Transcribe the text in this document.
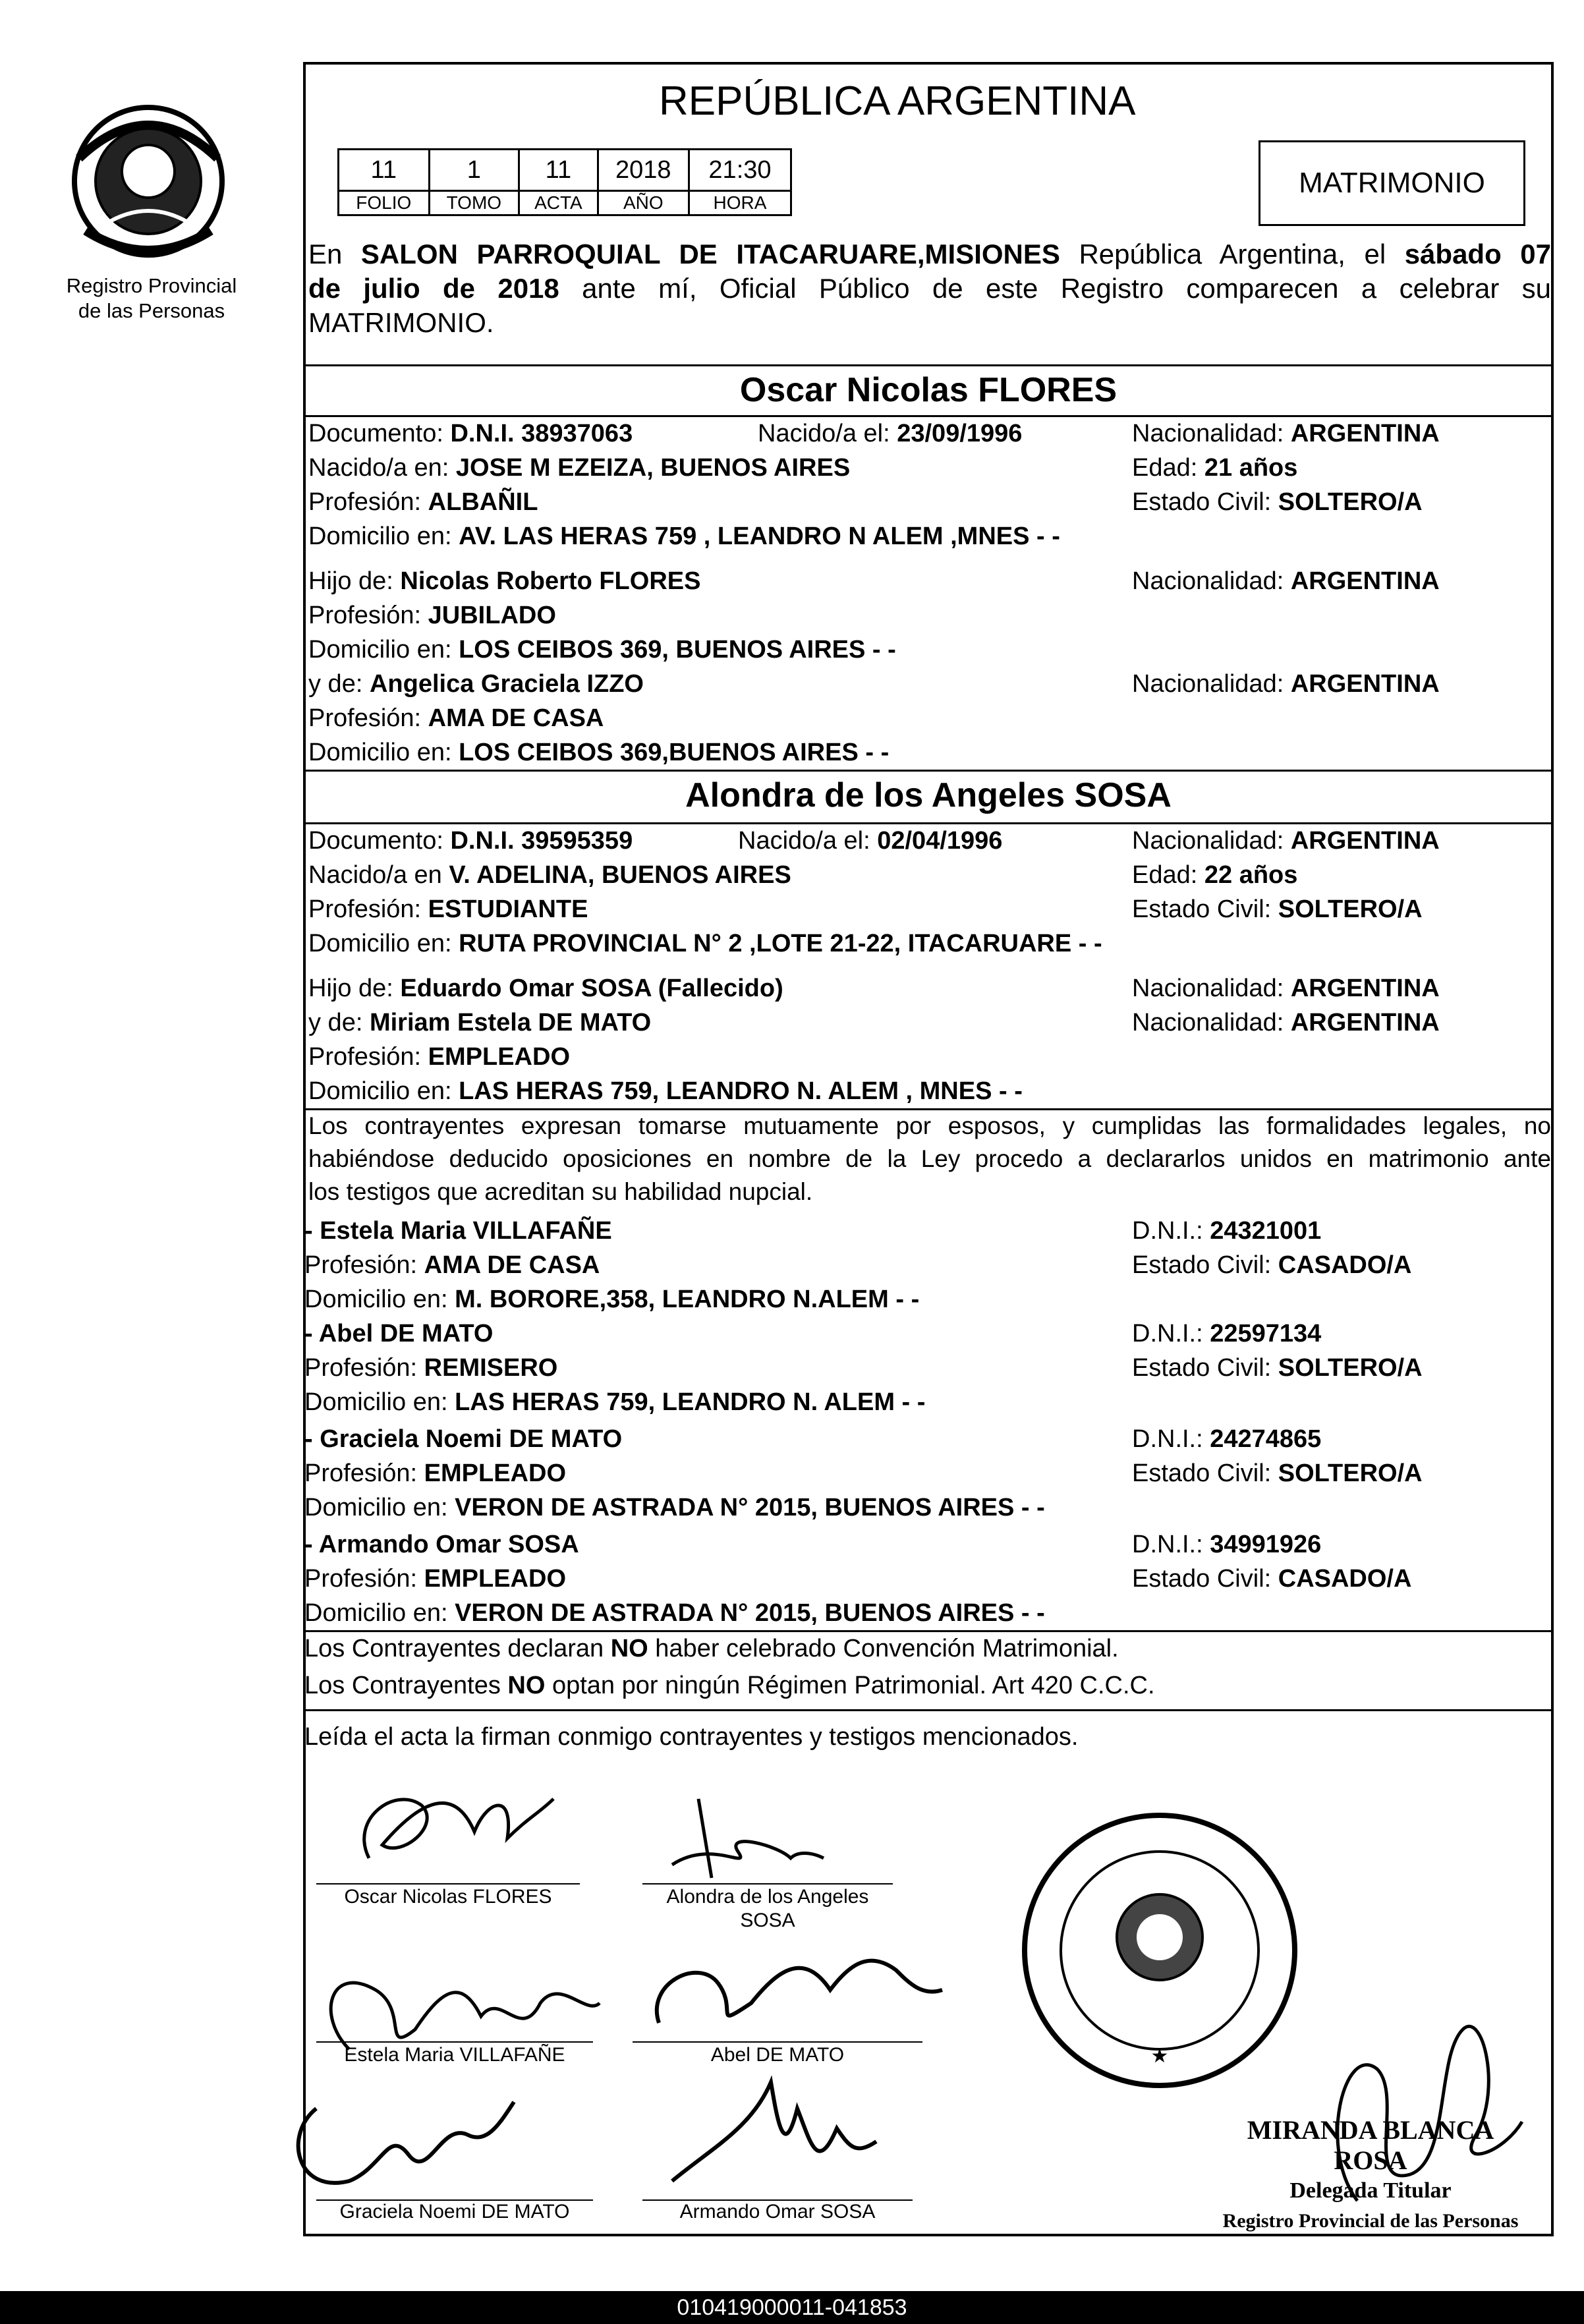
Registro Provincial
de las Personas
REPÚBLICA ARGENTINA
11	1	11	2018	21:30
FOLIO	TOMO	ACTA	AÑO	HORA
MATRIMONIO
En SALON PARROQUIAL DE ITACARUARE,MISIONES República Argentina, el sábado 07
de julio de 2018 ante mí, Oficial Público de este Registro comparecen a celebrar su
MATRIMONIO.
Oscar Nicolas FLORES
Documento: D.N.I. 38937063	Nacido/a el: 23/09/1996	Nacionalidad: ARGENTINA
Nacido/a en: JOSE M EZEIZA, BUENOS AIRES	Edad: 21 años
Profesión: ALBAÑIL	Estado Civil: SOLTERO/A
Domicilio en: AV. LAS HERAS 759 , LEANDRO N ALEM ,MNES - -
Hijo de: Nicolas Roberto FLORES	Nacionalidad: ARGENTINA
Profesión: JUBILADO
Domicilio en: LOS CEIBOS 369, BUENOS AIRES - -
y de: Angelica Graciela IZZO	Nacionalidad: ARGENTINA
Profesión: AMA DE CASA
Domicilio en: LOS CEIBOS 369,BUENOS AIRES - -
Alondra de los Angeles SOSA
Documento: D.N.I. 39595359	Nacido/a el: 02/04/1996	Nacionalidad: ARGENTINA
Nacido/a en V. ADELINA, BUENOS AIRES	Edad: 22 años
Profesión: ESTUDIANTE	Estado Civil: SOLTERO/A
Domicilio en: RUTA PROVINCIAL N° 2 ,LOTE 21-22, ITACARUARE - -
Hijo de: Eduardo Omar SOSA (Fallecido)	Nacionalidad: ARGENTINA
y de: Miriam Estela DE MATO	Nacionalidad: ARGENTINA
Profesión: EMPLEADO
Domicilio en: LAS HERAS 759, LEANDRO N. ALEM , MNES - -
Los contrayentes expresan tomarse mutuamente por esposos, y cumplidas las formalidades legales, no
habiéndose deducido oposiciones en nombre de la Ley procedo a declararlos unidos en matrimonio ante
los testigos que acreditan su habilidad nupcial.
- Estela Maria VILLAFAÑE	D.N.I.: 24321001
Profesión: AMA DE CASA	Estado Civil: CASADO/A
Domicilio en: M. BORORE,358, LEANDRO N.ALEM - -
- Abel DE MATO	D.N.I.: 22597134
Profesión: REMISERO	Estado Civil: SOLTERO/A
Domicilio en: LAS HERAS 759, LEANDRO N. ALEM - -
- Graciela Noemi DE MATO	D.N.I.: 24274865
Profesión: EMPLEADO	Estado Civil: SOLTERO/A
Domicilio en: VERON DE ASTRADA N° 2015, BUENOS AIRES - -
- Armando Omar SOSA	D.N.I.: 34991926
Profesión: EMPLEADO	Estado Civil: CASADO/A
Domicilio en: VERON DE ASTRADA N° 2015, BUENOS AIRES - -
Los Contrayentes declaran NO haber celebrado Convención Matrimonial.
Los Contrayentes NO optan por ningún Régimen Patrimonial. Art 420 C.C.C.
Leída el acta la firman conmigo contrayentes y testigos mencionados.
Oscar Nicolas FLORES	Alondra de los Angeles
SOSA
Estela Maria VILLAFAÑE	Abel DE MATO
Graciela Noemi DE MATO	Armando Omar SOSA
★
MIRANDA BLANCA ROSA
Delegada Titular
Registro Provincial de las Personas
010419000011-041853
